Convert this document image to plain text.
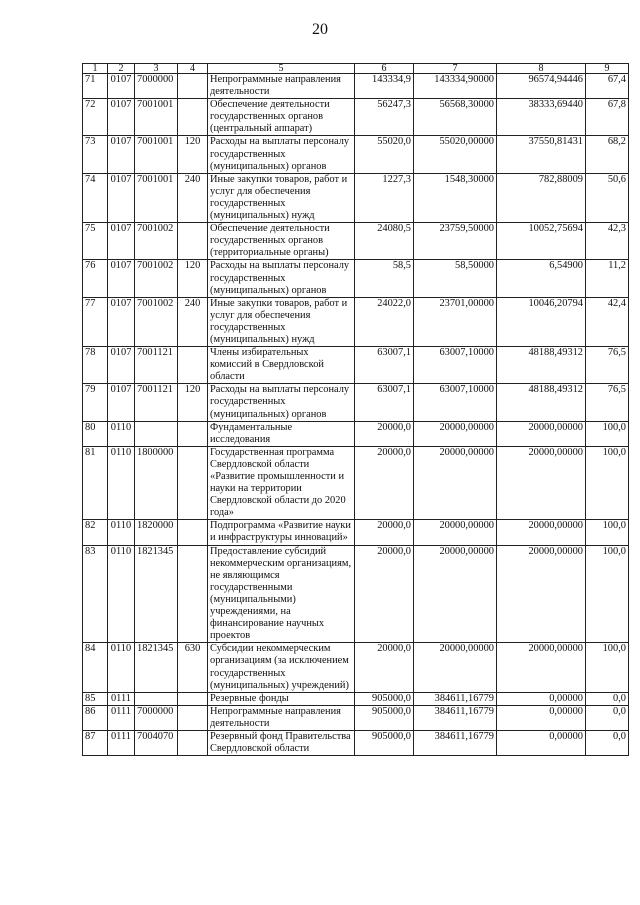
20
1	2	3	4	5	6	7	8	9
71	0107	7000000		Непрограммные направления деятельности	143334,9	143334,90000	96574,94446	67,4
72	0107	7001001		Обеспечение деятельности государственных органов (центральный аппарат)	56247,3	56568,30000	38333,69440	67,8
73	0107	7001001	120	Расходы на выплаты персоналу государственных (муниципальных) органов	55020,0	55020,00000	37550,81431	68,2
74	0107	7001001	240	Иные закупки товаров, работ и услуг для обеспечения государственных (муниципальных) нужд	1227,3	1548,30000	782,88009	50,6
75	0107	7001002		Обеспечение деятельности государственных органов (территориальные органы)	24080,5	23759,50000	10052,75694	42,3
76	0107	7001002	120	Расходы на выплаты персоналу государственных (муниципальных) органов	58,5	58,50000	6,54900	11,2
77	0107	7001002	240	Иные закупки товаров, работ и услуг для обеспечения государственных (муниципальных) нужд	24022,0	23701,00000	10046,20794	42,4
78	0107	7001121		Члены избирательных комиссий в Свердловской области	63007,1	63007,10000	48188,49312	76,5
79	0107	7001121	120	Расходы на выплаты персоналу государственных (муниципальных) органов	63007,1	63007,10000	48188,49312	76,5
80	0110			Фундаментальные исследования	20000,0	20000,00000	20000,00000	100,0
81	0110	1800000		Государственная программа Свердловской области «Развитие промышленности и науки на территории Свердловской области до 2020 года»	20000,0	20000,00000	20000,00000	100,0
82	0110	1820000		Подпрограмма «Развитие науки и инфраструктуры инноваций»	20000,0	20000,00000	20000,00000	100,0
83	0110	1821345		Предоставление субсидий некоммерческим организациям, не являющимся государственными (муниципальными) учреждениями, на финансирование научных проектов	20000,0	20000,00000	20000,00000	100,0
84	0110	1821345	630	Субсидии некоммерческим организациям (за исключением государственных (муниципальных) учреждений)	20000,0	20000,00000	20000,00000	100,0
85	0111			Резервные фонды	905000,0	384611,16779	0,00000	0,0
86	0111	7000000		Непрограммные направления деятельности	905000,0	384611,16779	0,00000	0,0
87	0111	7004070		Резервный фонд Правительства Свердловской области	905000,0	384611,16779	0,00000	0,0
